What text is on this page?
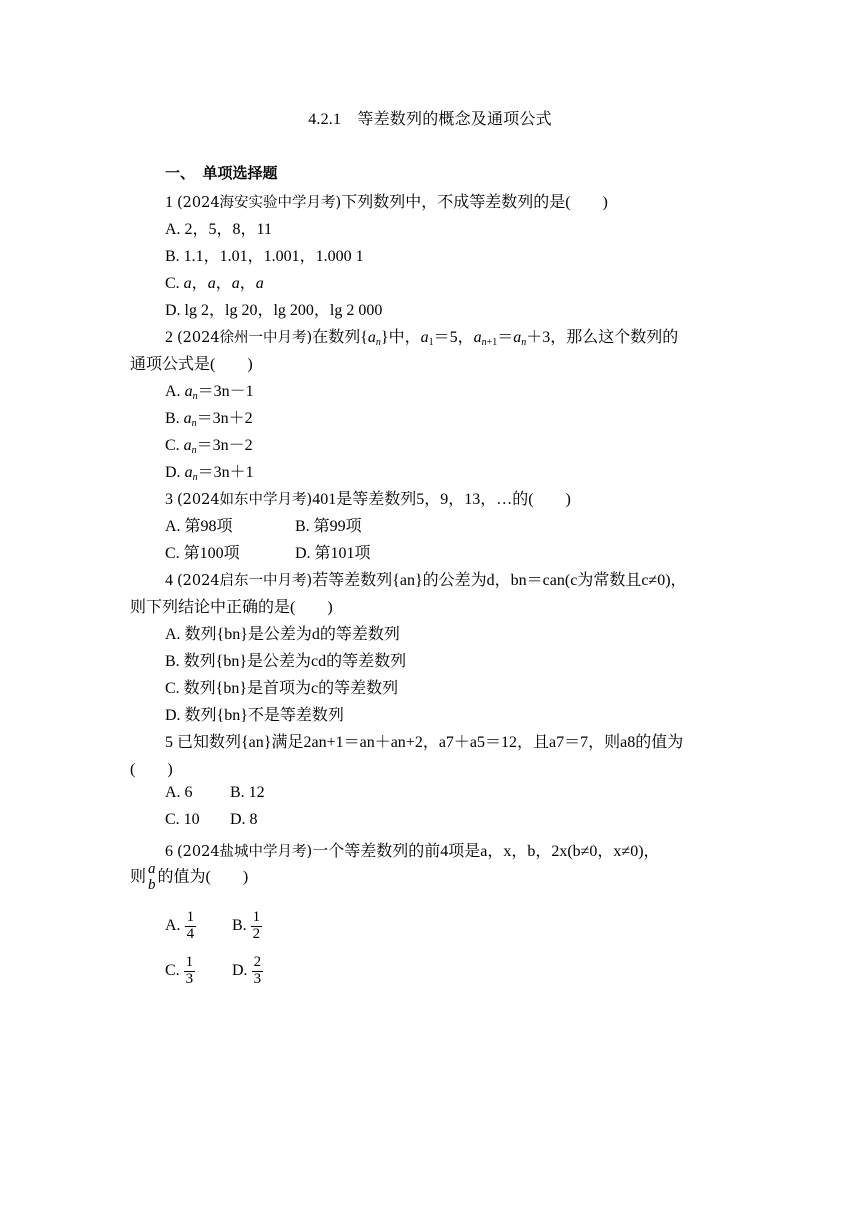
4.2.1　等差数列的概念及通项公式
一、　单项选择题
1 (2024海安实验中学月考)下列数列中，不成等差数列的是(　　)
A. 2，5，8，11
B. 1.1，1.01，1.001，1.000 1
C. a，a，a，a
D. lg 2，lg 20，lg 200，lg 2 000
2 (2024徐州一中月考)在数列$\{a_n\}$中，$a_1=5$，$a_{n+1}=a_n+3$，那么这个数列的
通项公式是(　　)
A. $a_n=3n-1$
B. $a_n=3n+2$
C. $a_n=3n-2$
D. $a_n=3n+1$
3 (2024如东中学月考)401是等差数列5，9，13，…的(　　)
A. 第98项	B. 第99项
C. 第100项	D. 第101项
4 (2024启东一中月考)若等差数列{an}的公差为d，bn＝can(c为常数且c≠0)，
则下列结论中正确的是(　　)
A. 数列{bn}是公差为d的等差数列
B. 数列{bn}是公差为cd的等差数列
C. 数列{bn}是首项为c的等差数列
D. 数列{bn}不是等差数列
5 已知数列{an}满足2an+1＝an＋an+2，a7＋a5＝12，且a7＝7，则a8的值为
(　　)
A. 6 B. 12
C. 10 D. 8
6 (2024盐城中学月考)一个等差数列的前4项是a，x，b，2x(b≠0，x≠0)，
则 a
b 的值为(　　)
A. $\frac{1}{4} B$. $\frac{1}{2}$
C. $\frac{1}{3} D$. $\frac{2}{3}$
